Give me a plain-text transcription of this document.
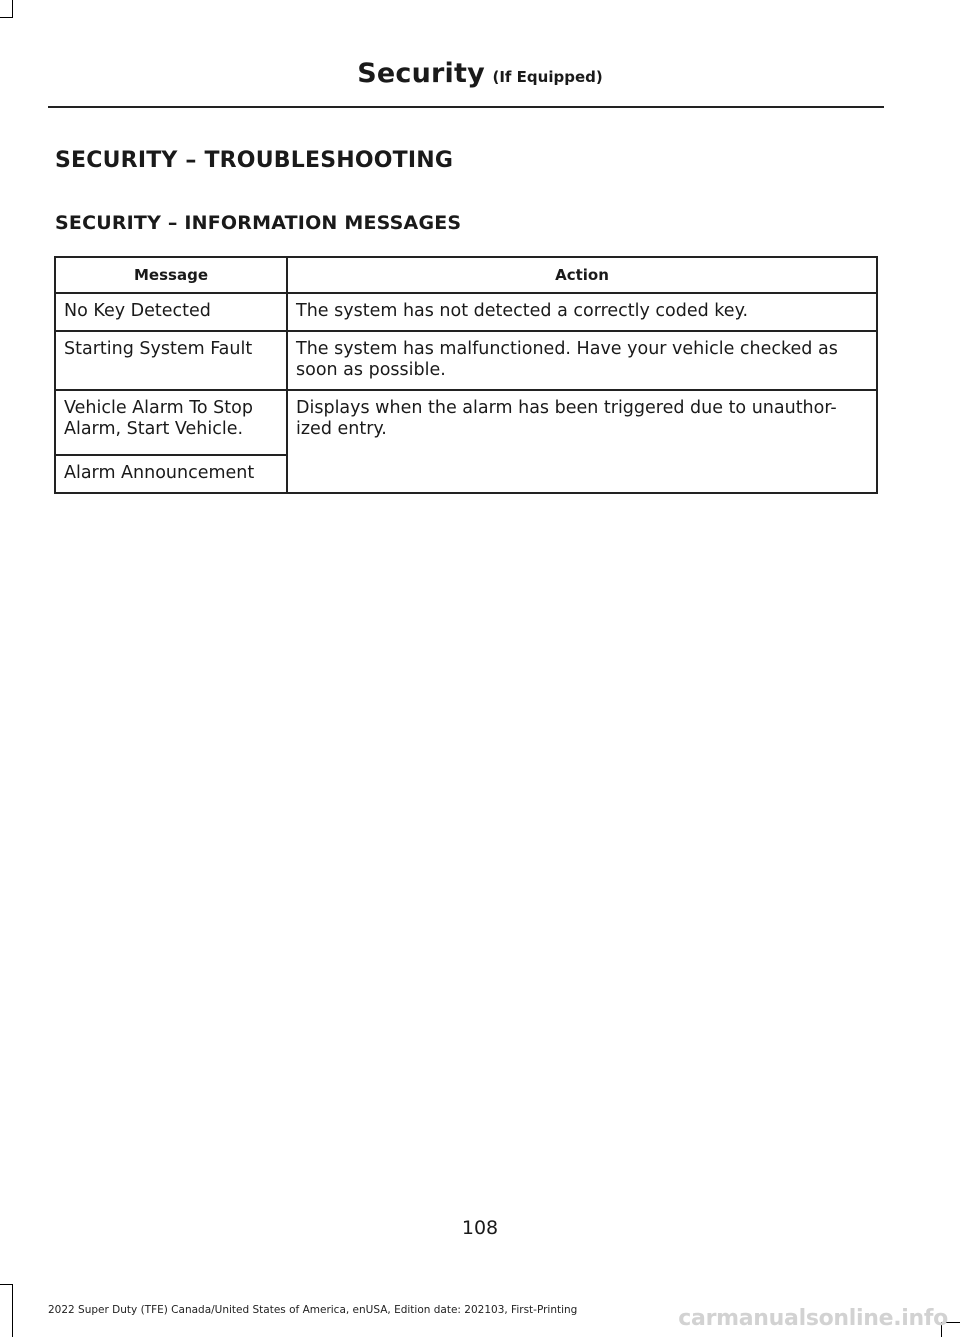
Security (If Equipped)
SECURITY – TROUBLESHOOTING
SECURITY – INFORMATION MESSAGES
Message	Action
No Key Detected	The system has not detected a correctly coded key.
Starting System Fault	The system has malfunctioned. Have your vehicle checked as soon as possible.
Vehicle Alarm To Stop Alarm, Start Vehicle.	Displays when the alarm has been triggered due to unauthor-ized entry.
Alarm Announcement	
108
2022 Super Duty (TFE) Canada/United States of America, enUSA, Edition date: 202103, First-Printing	carmanualsonline.info
